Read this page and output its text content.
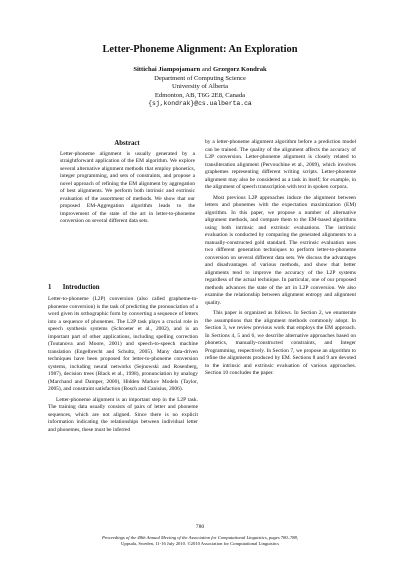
Letter-Phoneme Alignment: An Exploration
Sittichai Jiampojamarn and Grzegorz Kondrak
Department of Computing Science
University of Alberta
Edmonton, AB, T6G 2E8, Canada
{sj,kondrak}@cs.ualberta.ca
Abstract
Letter-phoneme alignment is usually generated by a straightforward application of the EM algorithm. We explore several alternative alignment methods that employ phonetics, integer programming, and sets of constraints, and propose a novel approach of refining the EM alignment by aggregation of best alignments. We perform both intrinsic and extrinsic evaluation of the assortment of methods. We show that our proposed EM-Aggregation algorithm leads to the improvement of the state of the art in letter-to-phoneme conversion on several different data sets.
1 Introduction

Letter-to-phoneme (L2P) conversion (also called grapheme-to-phoneme conversion) is the task of predicting the pronunciation of a word given its orthographic form by converting a sequence of letters into a sequence of phonemes. The L2P task plays a crucial role in speech synthesis systems (Schroeter et al., 2002), and is an important part of other applications, including spelling correction (Toutanova and Moore, 2001) and speech-to-speech machine translation (Engelbrecht and Schultz, 2005). Many data-driven techniques have been proposed for letter-to-phoneme conversion systems, including neural networks (Sejnowski and Rosenberg, 1987), decision trees (Black et al., 1998), pronunciation by analogy (Marchand and Damper, 2000), Hidden Markov Models (Taylor, 2005), and constraint satisfaction (Bosch and Canisius, 2006).

Letter-phoneme alignment is an important step in the L2P task. The training data usually consists of pairs of letter and phoneme sequences, which are not aligned. Since there is no explicit information indicating the relationships between individual letter and phonemes, these must be inferred

by a letter-phoneme alignment algorithm before a prediction model can be trained. The quality of the alignment affects the accuracy of L2P conversion. Letter-phoneme alignment is closely related to transliteration alignment (Pervouchine et al., 2009), which involves graphemes representing different writing scripts. Letter-phoneme alignment may also be considered as a task in itself; for example, in the alignment of speech transcription with text in spoken corpora.

Most previous L2P approaches induce the alignment between letters and phonemes with the expectation maximization (EM) algorithm. In this paper, we propose a number of alternative alignment methods, and compare them to the EM-based algorithms using both intrinsic and extrinsic evaluations. The intrinsic evaluation is conducted by comparing the generated alignments to a manually-constructed gold standard. The extrinsic evaluation uses two different generation techniques to perform letter-to-phoneme conversion on several different data sets. We discuss the advantages and disadvantages of various methods, and show that better alignments tend to improve the accuracy of the L2P systems regardless of the actual technique. In particular, one of our proposed methods advances the state of the art in L2P conversion. We also examine the relationship between alignment entropy and alignment quality.

This paper is organized as follows. In Section 2, we enumerate the assumptions that the alignment methods commonly adopt. In Section 3, we review previous work that employs the EM approach. In Sections 4, 5 and 6, we describe alternative approaches based on phonetics, manually-constructed constraints, and Integer Programming, respectively. In Section 7, we propose an algorithm to refine the alignments produced by EM. Sections 8 and 9 are devoted to the intrinsic and extrinsic evaluation of various approaches. Section 10 concludes the paper.

780
Proceedings of the 48th Annual Meeting of the Association for Computational Linguistics, pages 780–788,
Uppsala, Sweden, 11-16 July 2010. ©2010 Association for Computational Linguistics
